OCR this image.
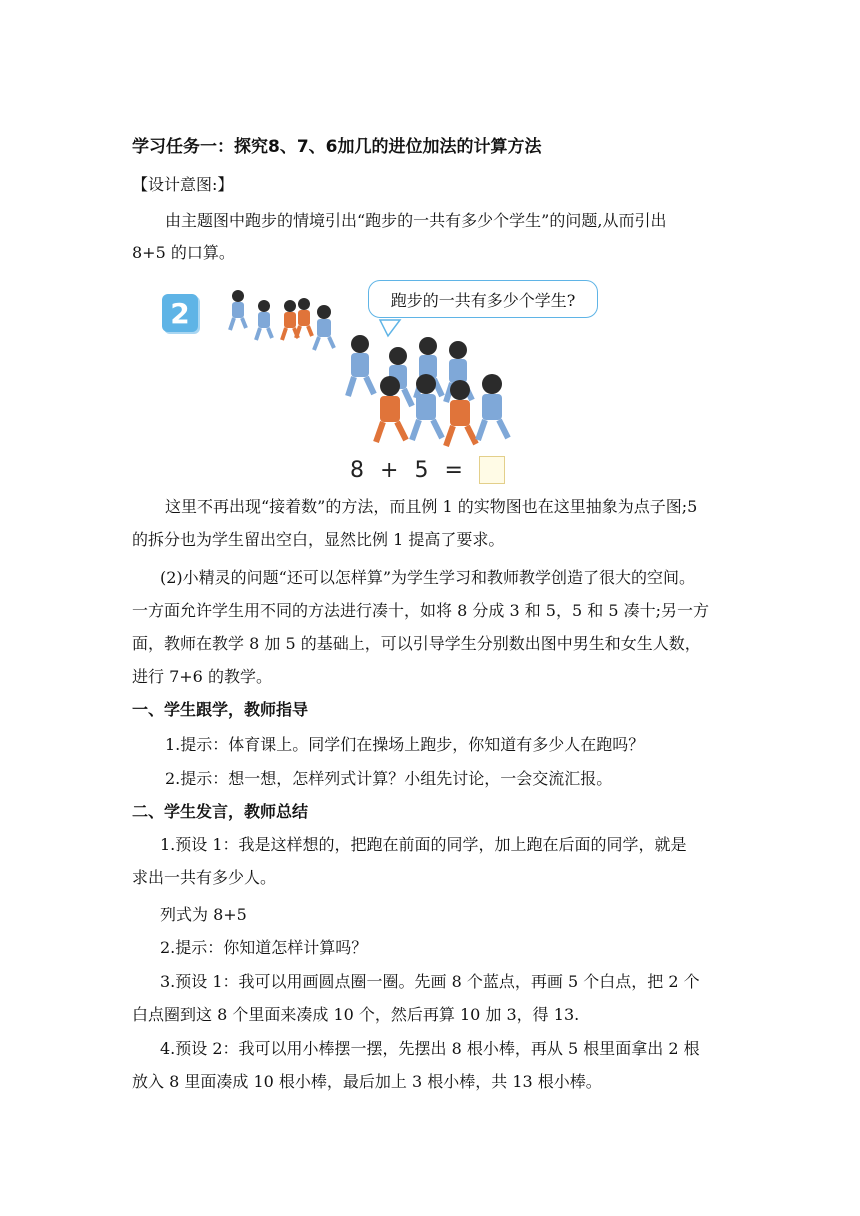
学习任务一：探究8、7、6加几的进位加法的计算方法
【设计意图:】
由主题图中跑步的情境引出“跑步的一共有多少个学生”的问题,从而引出
8+5 的口算。
2	跑步的一共有多少个学生?
8 + 5 =
这里不再出现“接着数”的方法，而且例 1 的实物图也在这里抽象为点子图;5
的拆分也为学生留出空白，显然比例 1 提高了要求。
(2)小精灵的问题“还可以怎样算”为学生学习和教师教学创造了很大的空间。
一方面允许学生用不同的方法进行凑十，如将 8 分成 3 和 5，5 和 5 凑十;另一方
面，教师在教学 8 加 5 的基础上，可以引导学生分别数出图中男生和女生人数，
进行 7+6 的教学。
一、学生跟学，教师指导
1.提示：体育课上。同学们在操场上跑步，你知道有多少人在跑吗？
2.提示：想一想，怎样列式计算？小组先讨论，一会交流汇报。
二、学生发言，教师总结
1.预设 1：我是这样想的，把跑在前面的同学，加上跑在后面的同学，就是
求出一共有多少人。
列式为 8+5
2.提示：你知道怎样计算吗？
3.预设 1：我可以用画圆点圈一圈。先画 8 个蓝点，再画 5 个白点，把 2 个
白点圈到这 8 个里面来凑成 10 个，然后再算 10 加 3，得 13.
4.预设 2：我可以用小棒摆一摆，先摆出 8 根小棒，再从 5 根里面拿出 2 根
放入 8 里面凑成 10 根小棒，最后加上 3 根小棒，共 13 根小棒。
